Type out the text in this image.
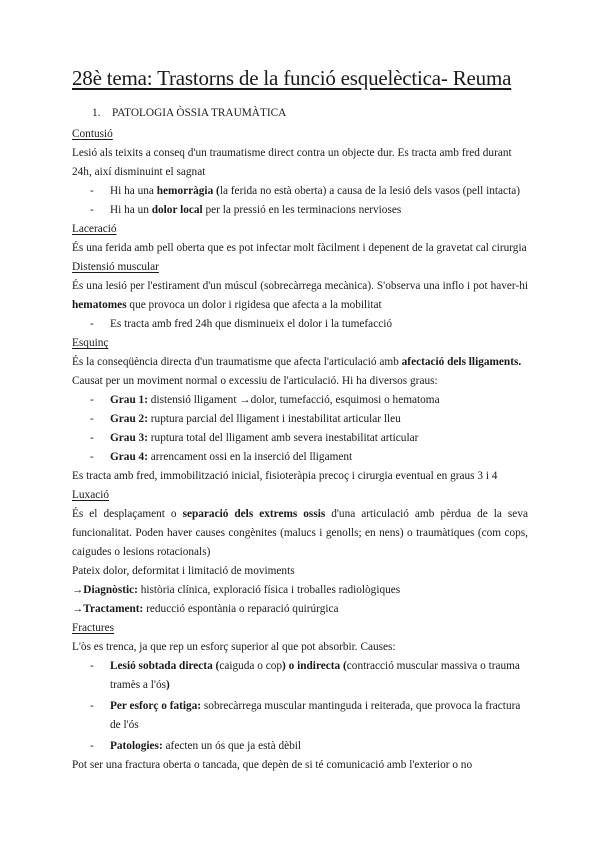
28è tema: Trastorns de la funció esquelèctica- Reuma

1. PATOLOGIA ÒSSIA TRAUMÀTICA

Contusió

Lesió als teixits a conseq d'un traumatisme direct contra un objecte dur. Es tracta amb fred durant 24h, així disminuint el sagnat

- Hi ha una hemorràgia (la ferida no està oberta) a causa de la lesió dels vasos (pell intacta)

- Hi ha un dolor local per la pressió en les terminacions nervioses

Laceració

És una ferida amb pell oberta que es pot infectar molt fàcilment i depenent de la gravetat cal cirurgia

Distensió muscular

És una lesió per l'estirament d'un múscul (sobrecàrrega mecànica). S'observa una inflo i pot haver-hi hematomes que provoca un dolor i rigidesa que afecta a la mobilitat

- Es tracta amb fred 24h que disminueix el dolor i la tumefacció

Esquinç

És la conseqüència directa d'un traumatisme que afecta l'articulació amb afectació dels lligaments.

Causat per un moviment normal o excessiu de l'articulació. Hi ha diversos graus:

- Grau 1: distensió lligament →dolor, tumefacció, esquimosi o hematoma

- Grau 2: ruptura parcial del lligament i inestabilitat articular lleu

- Grau 3: ruptura total del lligament amb severa inestabilitat articular

- Grau 4: arrencament ossi en la inserció del lligament

Es tracta amb fred, immobilització inicial, fisioteràpia precoç i cirurgia eventual en graus 3 i 4

Luxació

És el desplaçament o separació dels extrems ossis d'una articulació amb pèrdua de la seva funcionalitat. Poden haver causes congènites (malucs i genolls; en nens) o traumàtiques (com cops, caigudes o lesions rotacionals)

Pateix dolor, deformitat i limitació de moviments

→Diagnòstic: història clínica, exploració física i troballes radiològiques

→Tractament: reducció espontània o reparació quirúrgica

Fractures

L'òs es trenca, ja que rep un esforç superior al que pot absorbir. Causes:

- Lesió sobtada directa (caiguda o cop) o indirecta (contracció muscular massiva o trauma tramès a l'ós)

- Per esforç o fatiga: sobrecàrrega muscular mantinguda i reiterada, que provoca la fractura de l'ós

- Patologies: afecten un ós que ja està dèbil

Pot ser una fractura oberta o tancada, que depèn de si té comunicació amb l'exterior o no
